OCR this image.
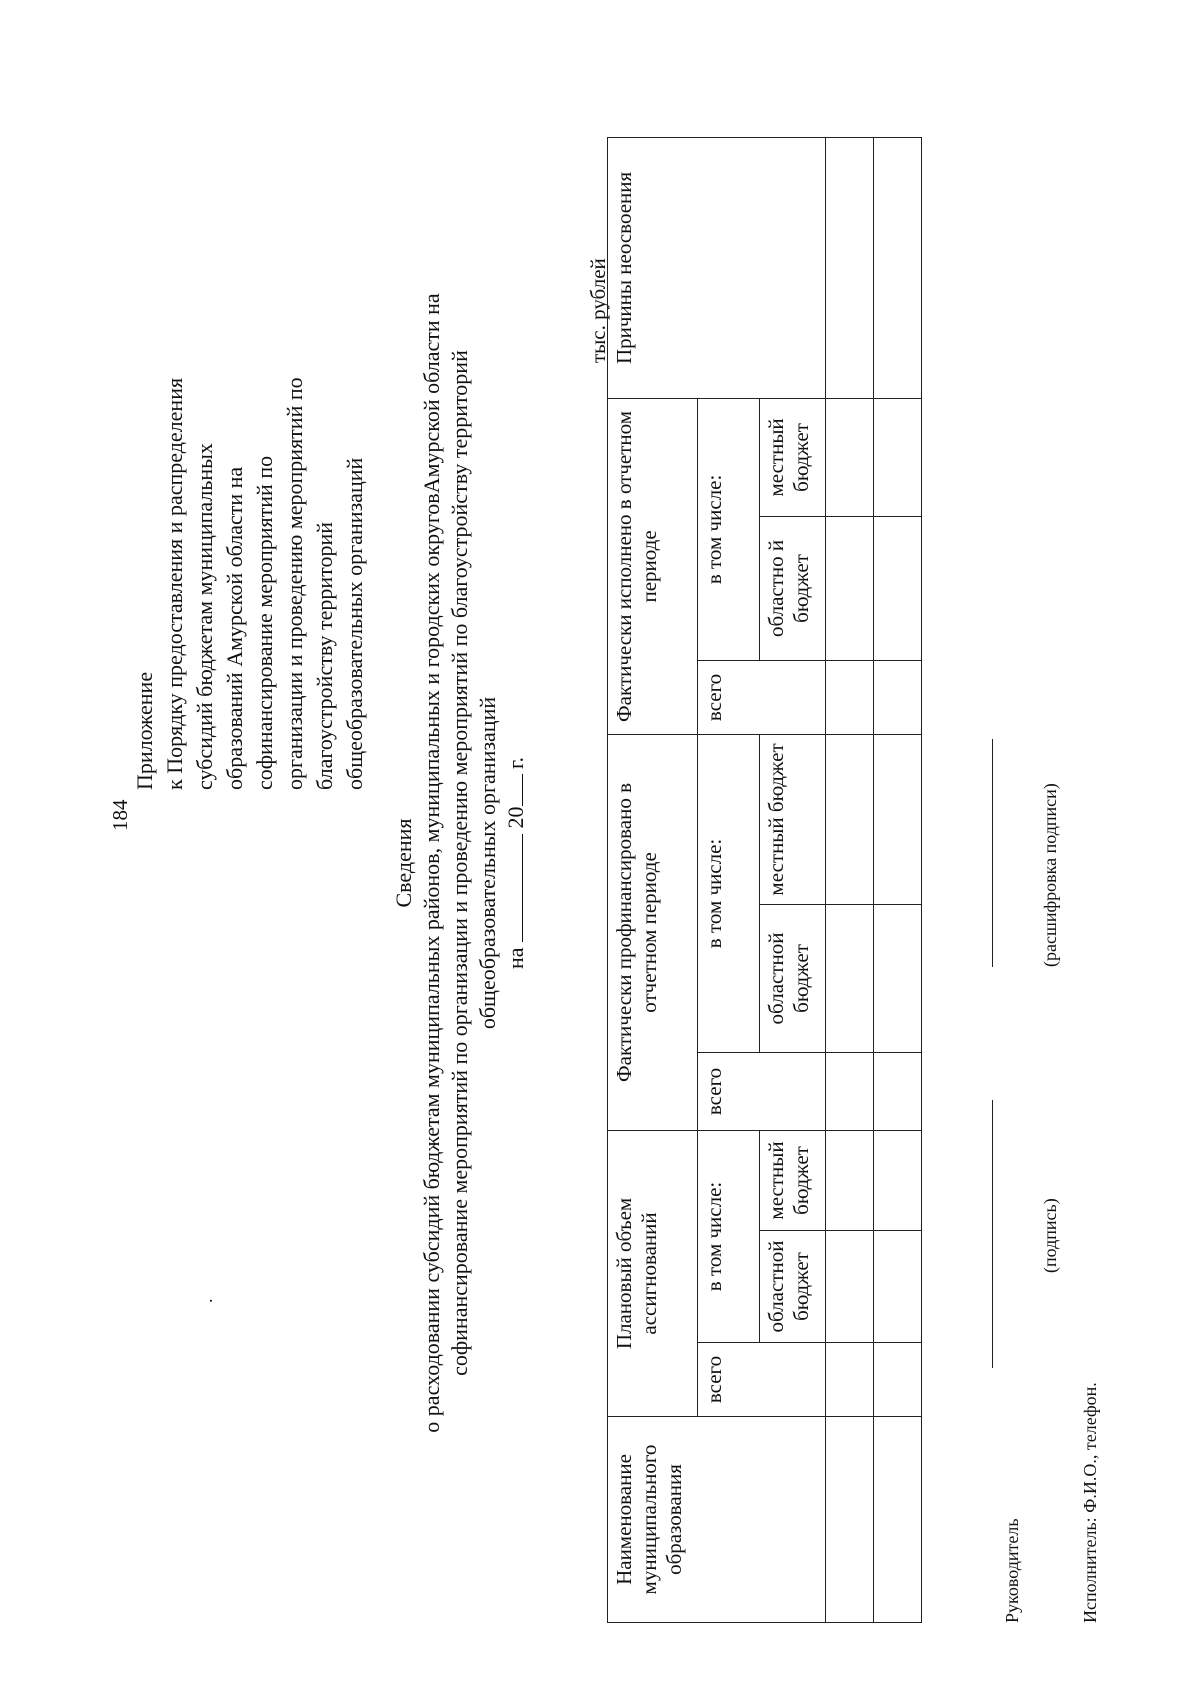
184
.
Приложение к Порядку предоставления и распределения субсидий бюджетам муниципальных образований Амурской области на софинансирование мероприятий по организации и проведению мероприятий по благоустройству территорий общеобразовательных организаций
Сведения о расходовании субсидий бюджетам муниципальных районов, муниципальных и городских округовАмурской области на софинансирование мероприятий по организации и проведению мероприятий по благоустройству территорий общеобразовательных организаций на  20 г.
тыс. рублей
Наименование муниципального образования	Плановый объем ассигнований			Фактически профинансировано в отчетном периоде			Фактически исполнено в отчетном периоде			Причины неосвоения
	всего	в том числе:		всего	в том числе:		всего	в том числе:		
		областной бюджет	местный бюджет		областной бюджет	местный бюджет		областно й бюджет	местный бюджет	

Руководитель
(подпись)
(расшифровка подписи)
Исполнитель: Ф.И.О., телефон.
